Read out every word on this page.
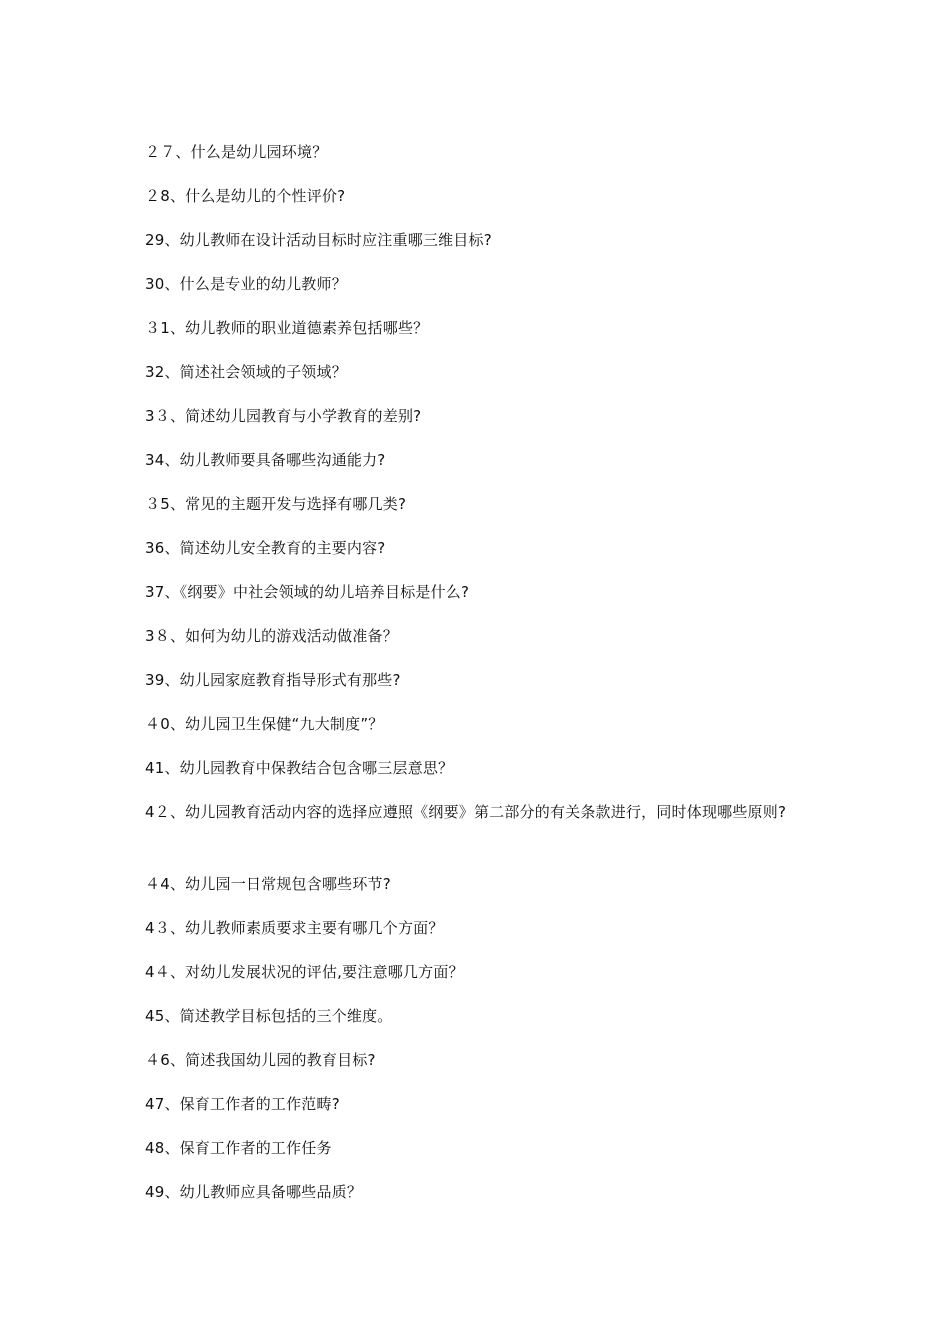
２７、什么是幼儿园环境？

２8、什么是幼儿的个性评价?

29、幼儿教师在设计活动目标时应注重哪三维目标?

30、什么是专业的幼儿教师？

３1、幼儿教师的职业道德素养包括哪些？

32、简述社会领域的子领域？

3３、简述幼儿园教育与小学教育的差别?

34、幼儿教师要具备哪些沟通能力?

３5、常见的主题开发与选择有哪几类?

36、简述幼儿安全教育的主要内容?

37、《纲要》中社会领域的幼儿培养目标是什么?

3８、如何为幼儿的游戏活动做准备？

39、幼儿园家庭教育指导形式有那些?

４0、幼儿园卫生保健“九大制度”？

41、幼儿园教育中保教结合包含哪三层意思？

4２、幼儿园教育活动内容的选择应遵照《纲要》第二部分的有关条款进行，同时体现哪些原则?

４4、幼儿园一日常规包含哪些环节?

4３、幼儿教师素质要求主要有哪几个方面？

4４、对幼儿发展状况的评估,要注意哪几方面？

45、简述教学目标包括的三个维度。

４6、简述我国幼儿园的教育目标?

47、保育工作者的工作范畴?

48、保育工作者的工作任务

49、幼儿教师应具备哪些品质？
